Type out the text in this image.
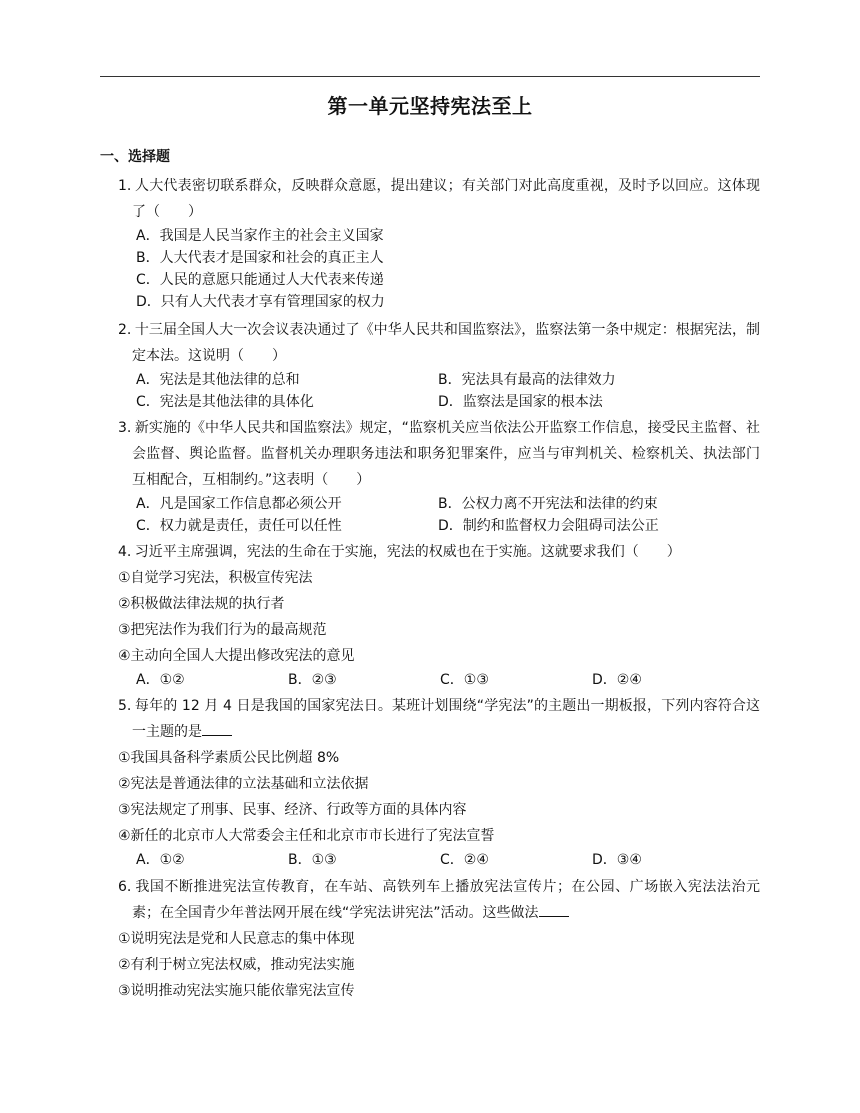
第一单元坚持宪法至上
一、选择题
1. 人大代表密切联系群众，反映群众意愿，提出建议；有关部门对此高度重视，及时予以回应。这体现了（　　）
A．我国是人民当家作主的社会主义国家
B．人大代表才是国家和社会的真正主人
C．人民的意愿只能通过人大代表来传递
D．只有人大代表才享有管理国家的权力
2. 十三届全国人大一次会议表决通过了《中华人民共和国监察法》，监察法第一条中规定：根据宪法，制定本法。这说明（　　）
A．宪法是其他法律的总和	B．宪法具有最高的法律效力
C．宪法是其他法律的具体化	D．监察法是国家的根本法
3. 新实施的《中华人民共和国监察法》规定，“监察机关应当依法公开监察工作信息，接受民主监督、社会监督、舆论监督。监督机关办理职务违法和职务犯罪案件，应当与审判机关、检察机关、执法部门互相配合，互相制约。”这表明（　　）
A．凡是国家工作信息都必须公开	B．公权力离不开宪法和法律的约束
C．权力就是责任，责任可以任性	D．制约和监督权力会阻碍司法公正
4. 习近平主席强调，宪法的生命在于实施，宪法的权威也在于实施。这就要求我们（　　）
①自觉学习宪法，积极宣传宪法
②积极做法律法规的执行者
③把宪法作为我们行为的最高规范
④主动向全国人大提出修改宪法的意见
A．①②	B．②③	C．①③	D．②④
5. 每年的 12 月 4 日是我国的国家宪法日。某班计划围绕“学宪法”的主题出一期板报，下列内容符合这一主题的是
①我国具备科学素质公民比例超 8%
②宪法是普通法律的立法基础和立法依据
③宪法规定了刑事、民事、经济、行政等方面的具体内容
④新任的北京市人大常委会主任和北京市市长进行了宪法宣誓
A．①②	B．①③	C．②④	D．③④
6. 我国不断推进宪法宣传教育，在车站、高铁列车上播放宪法宣传片；在公园、广场嵌入宪法法治元素；在全国青少年普法网开展在线“学宪法讲宪法”活动。这些做法
①说明宪法是党和人民意志的集中体现
②有利于树立宪法权威，推动宪法实施
③说明推动宪法实施只能依靠宪法宣传
